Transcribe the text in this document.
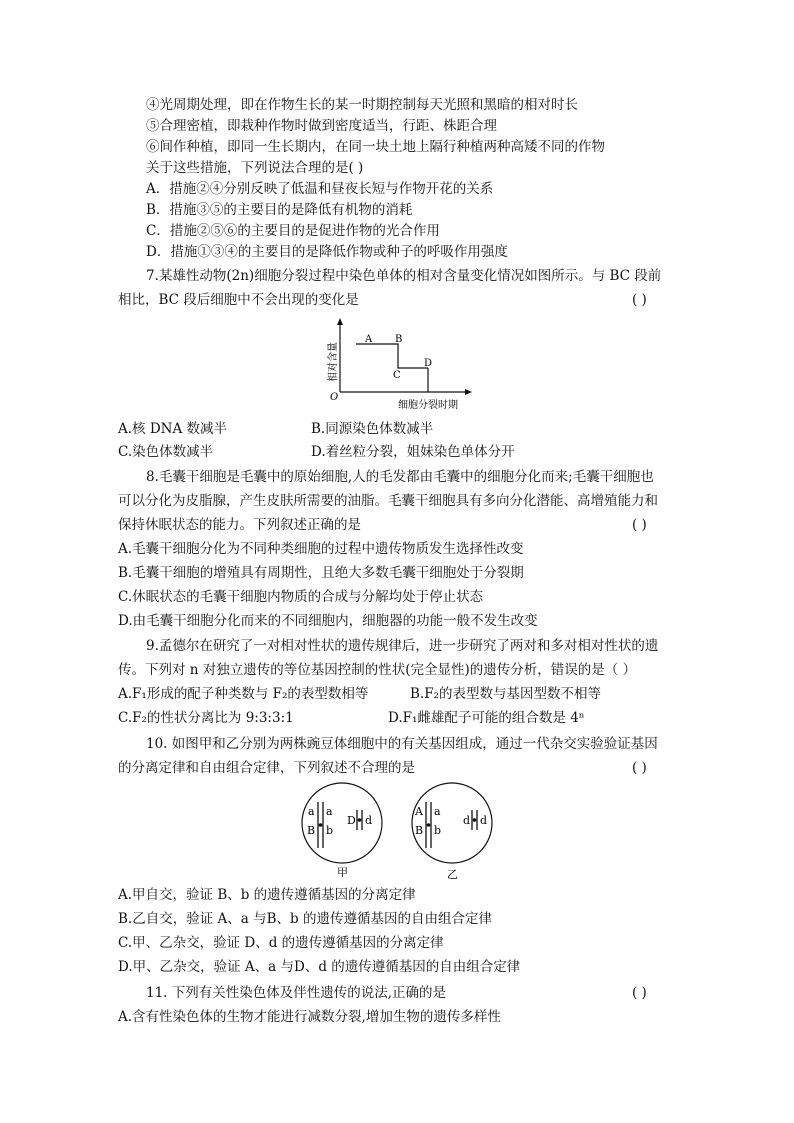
④光周期处理，即在作物生长的某一时期控制每天光照和黑暗的相对时长
⑤合理密植，即栽种作物时做到密度适当，行距、株距合理
⑥间作种植，即同一生长期内，在同一块土地上隔行种植两种高矮不同的作物
关于这些措施，下列说法合理的是( )
A．措施②④分别反映了低温和昼夜长短与作物开花的关系
B．措施③⑤的主要目的是降低有机物的消耗
C．措施②⑤⑥的主要目的是促进作物的光合作用
D．措施①③④的主要目的是降低作物或种子的呼吸作用强度
7.某雄性动物(2n)细胞分裂过程中染色单体的相对含量变化情况如图所示。与 BC 段前
相比，BC 段后细胞中不会出现的变化是	( )
A B
C
D
O
细胞分裂时期
相对含量
A.核 DNA 数减半	B.同源染色体数减半
C.染色体数减半	D.着丝粒分裂，姐妹染色单体分开
8.毛囊干细胞是毛囊中的原始细胞,人的毛发都由毛囊中的细胞分化而来;毛囊干细胞也
可以分化为皮脂腺，产生皮肤所需要的油脂。毛囊干细胞具有多向分化潜能、高增殖能力和
保持休眠状态的能力。下列叙述正确的是	( )
A.毛囊干细胞分化为不同种类细胞的过程中遗传物质发生选择性改变
B.毛囊干细胞的增殖具有周期性，且绝大多数毛囊干细胞处于分裂期
C.休眠状态的毛囊干细胞内物质的合成与分解均处于停止状态
D.由毛囊干细胞分化而来的不同细胞内，细胞器的功能一般不发生改变
9.孟德尔在研究了一对相对性状的遗传规律后，进一步研究了两对和多对相对性状的遗
传。下列对 n 对独立遗传的等位基因控制的性状(完全显性)的遗传分析，错误的是（ ）
A.F₁形成的配子种类数与 F₂的表型数相等	B.F₂的表型数与基因型数不相等
C.F₂的性状分离比为 9:3:3:1	D.F₁雌雄配子可能的组合数是 4ⁿ
10. 如图甲和乙分别为两株豌豆体细胞中的有关基因组成，通过一代杂交实验验证基因
的分离定律和自由组合定律，下列叙述不合理的是	( )
a a
B b
D d
甲
A a
B b
d d
乙
A.甲自交，验证 B、b 的遗传遵循基因的分离定律
B.乙自交，验证 A、a 与B、b 的遗传遵循基因的自由组合定律
C.甲、乙杂交，验证 D、d 的遗传遵循基因的分离定律
D.甲、乙杂交，验证 A、a 与D、d 的遗传遵循基因的自由组合定律
11. 下列有关性染色体及伴性遗传的说法,正确的是	( )
A.含有性染色体的生物才能进行减数分裂,增加生物的遗传多样性
